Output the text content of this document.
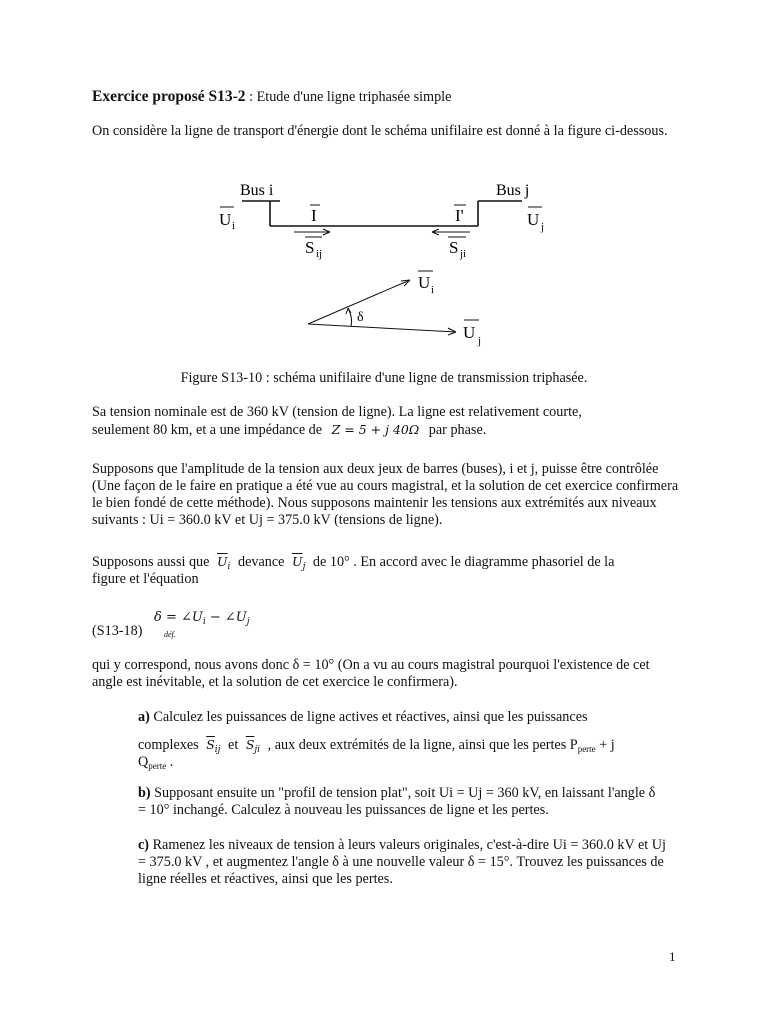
Exercice proposé S13-2 : Etude d'une ligne triphasée simple

On considère la ligne de transport d'énergie dont le schéma unifilaire est donné à la figure ci-dessous.

Bus i	Bus j
U i	U j
I	I'
S ij	S ji
δ
U i
U j

Figure S13-10 : schéma unifilaire d'une ligne de transmission triphasée.

Sa tension nominale est de 360 kV (tension de ligne). La ligne est relativement courte,
seulement 80 km, et a une impédance de Z = 5 + j 40Ω par phase.

Supposons que l'amplitude de la tension aux deux jeux de barres (buses), i et j, puisse être contrôlée (Une façon de le faire en pratique a été vue au cours magistral, et la solution de cet exercice confirmera le bien fondé de cette méthode). Nous supposons maintenir les tensions aux extrémités aux niveaux suivants : Ui = 360.0 kV et Uj = 375.0 kV (tensions de ligne).

Supposons aussi que $\overline{U}_i$ devance $\overline{U}_j$ de 10° . En accord avec le diagramme phasoriel de la
figure et l'équation

(S13-18)
$\delta = \angle U_i$ − $\angle U_j$
déf.

qui y correspond, nous avons donc δ = 10° (On a vu au cours magistral pourquoi l'existence de cet angle est inévitable, et la solution de cet exercice le confirmera).

a) Calculez les puissances de ligne actives et réactives, ainsi que les puissances
complexes $\overline{S}_{ij}$ et $\overline{S}_{ji}$ , aux deux extrémités de la ligne, ainsi que les pertes $P_{perte} + j$
$Q_{perte}$ .

b) Supposant ensuite un "profil de tension plat", soit Ui = Uj = 360 kV, en laissant l'angle δ = 10° inchangé. Calculez à nouveau les puissances de ligne et les pertes.

c) Ramenez les niveaux de tension à leurs valeurs originales, c'est-à-dire Ui = 360.0 kV et Uj = 375.0 kV , et augmentez l'angle δ à une nouvelle valeur δ = 15°. Trouvez les puissances de ligne réelles et réactives, ainsi que les pertes.

1
